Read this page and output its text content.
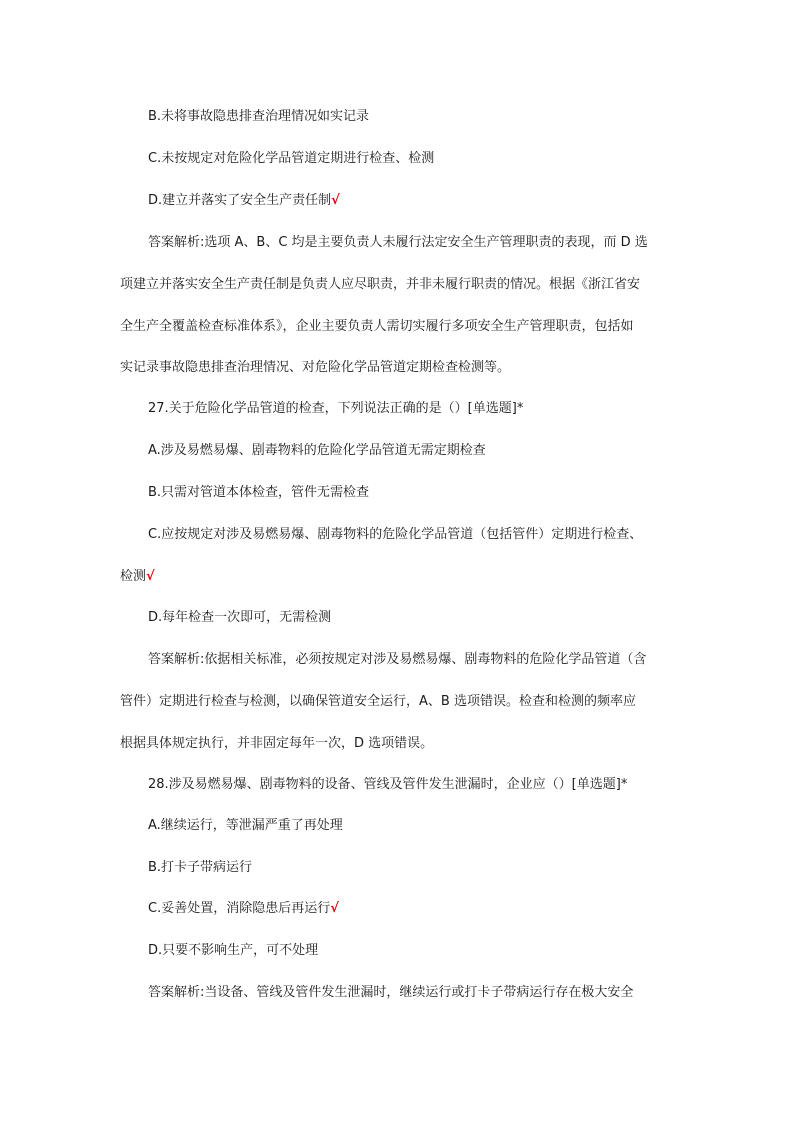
B.未将事故隐患排查治理情况如实记录
C.未按规定对危险化学品管道定期进行检查、检测
D.建立并落实了安全生产责任制√
答案解析:选项 A、B、C 均是主要负责人未履行法定安全生产管理职责的表现，而 D 选
项建立并落实安全生产责任制是负责人应尽职责，并非未履行职责的情况。根据《浙江省安
全生产全覆盖检查标准体系》，企业主要负责人需切实履行多项安全生产管理职责，包括如
实记录事故隐患排查治理情况、对危险化学品管道定期检查检测等。
27.关于危险化学品管道的检查，下列说法正确的是（）[单选题]*
A.涉及易燃易爆、剧毒物料的危险化学品管道无需定期检查
B.只需对管道本体检查，管件无需检查
C.应按规定对涉及易燃易爆、剧毒物料的危险化学品管道（包括管件）定期进行检查、
检测√
D.每年检查一次即可，无需检测
答案解析:依据相关标准，必须按规定对涉及易燃易爆、剧毒物料的危险化学品管道（含
管件）定期进行检查与检测，以确保管道安全运行，A、B 选项错误。检查和检测的频率应
根据具体规定执行，并非固定每年一次，D 选项错误。
28.涉及易燃易爆、剧毒物料的设备、管线及管件发生泄漏时，企业应（）[单选题]*
A.继续运行，等泄漏严重了再处理
B.打卡子带病运行
C.妥善处置，消除隐患后再运行√
D.只要不影响生产，可不处理
答案解析:当设备、管线及管件发生泄漏时，继续运行或打卡子带病运行存在极大安全
